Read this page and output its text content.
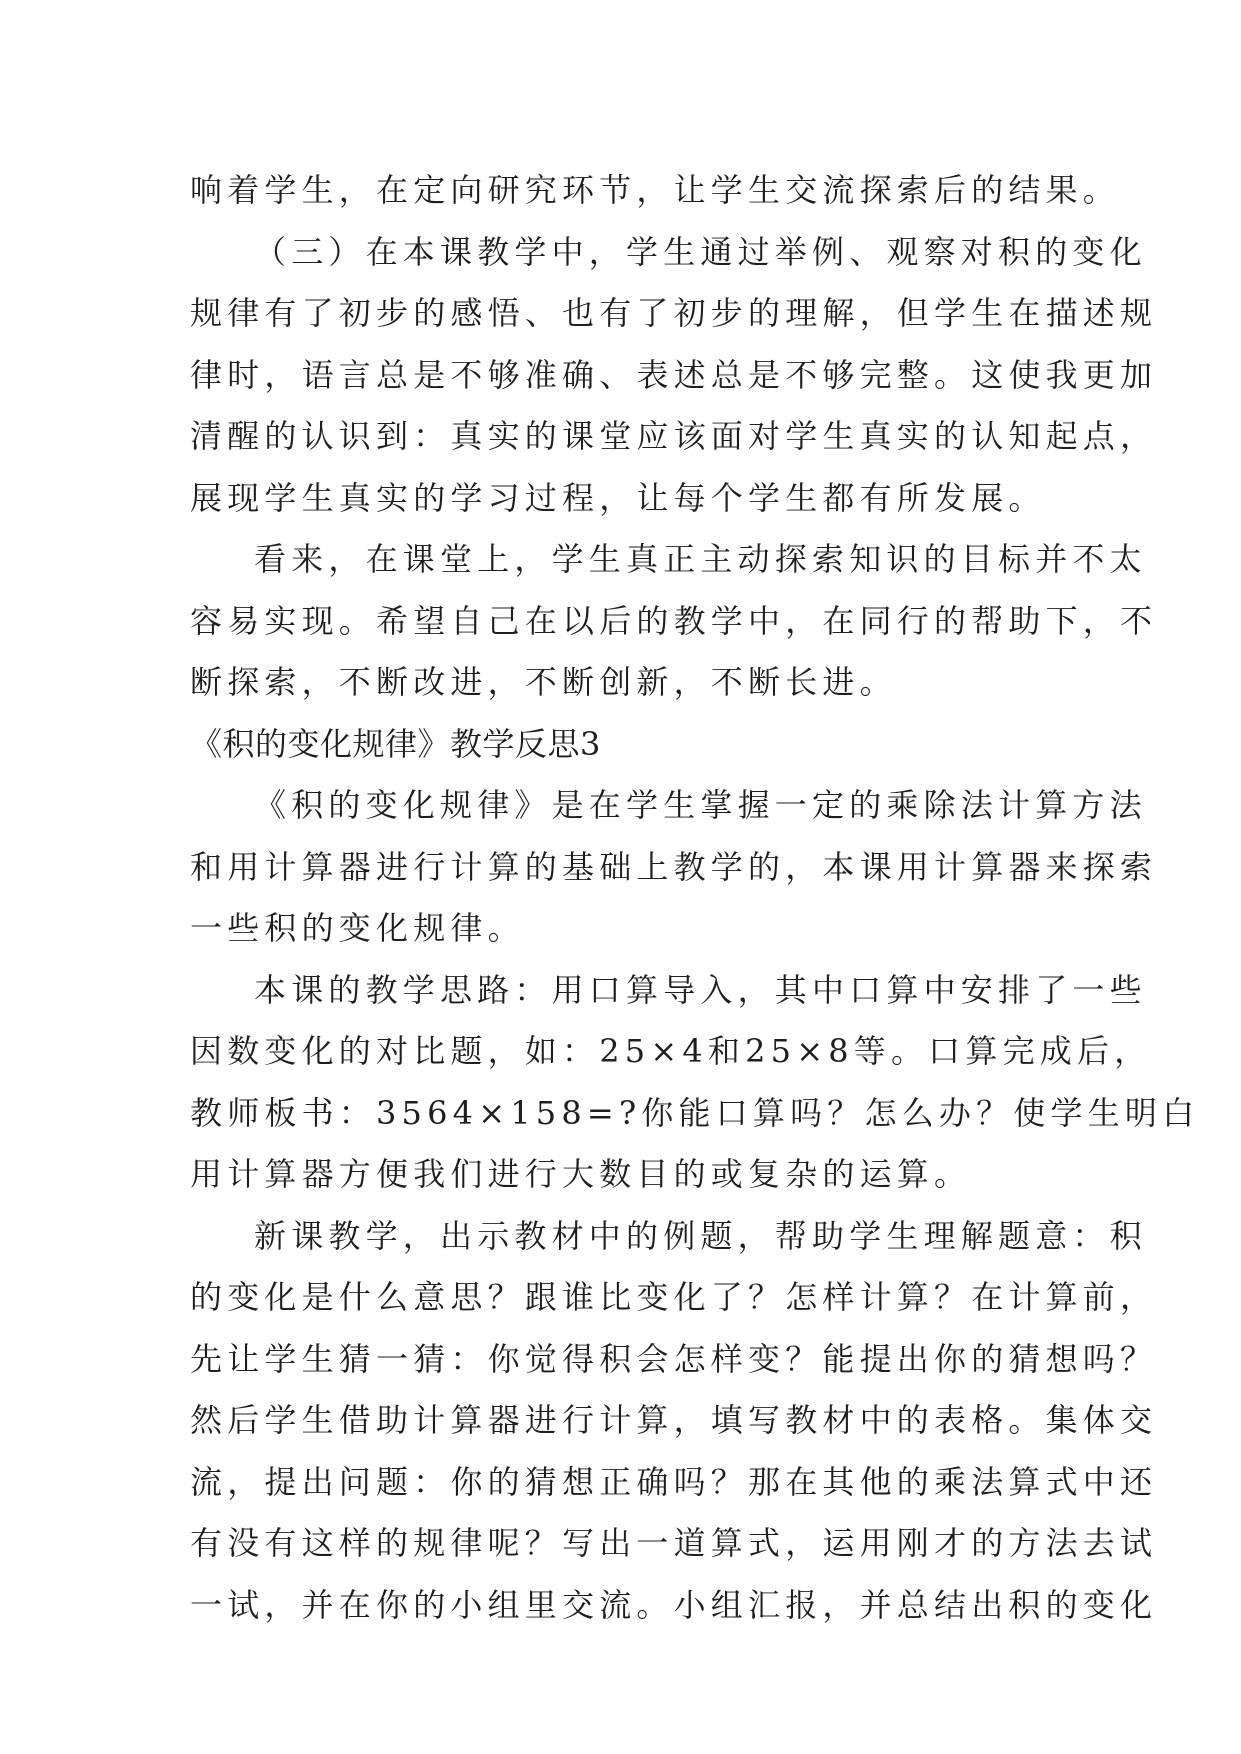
响着学生，在定向研究环节，让学生交流探索后的结果。
（三）在本课教学中，学生通过举例、观察对积的变化
规律有了初步的感悟、也有了初步的理解，但学生在描述规
律时，语言总是不够准确、表述总是不够完整。这使我更加
清醒的认识到：真实的课堂应该面对学生真实的认知起点，
展现学生真实的学习过程，让每个学生都有所发展。
看来，在课堂上，学生真正主动探索知识的目标并不太
容易实现。希望自己在以后的教学中，在同行的帮助下，不
断探索，不断改进，不断创新，不断长进。
《积的变化规律》教学反思3
《积的变化规律》是在学生掌握一定的乘除法计算方法
和用计算器进行计算的基础上教学的，本课用计算器来探索
一些积的变化规律。
本课的教学思路：用口算导入，其中口算中安排了一些
因数变化的对比题，如：25×4和25×8等。口算完成后，
教师板书：3564×158=?你能口算吗？怎么办？使学生明白
用计算器方便我们进行大数目的或复杂的运算。
新课教学，出示教材中的例题，帮助学生理解题意：积
的变化是什么意思？跟谁比变化了？怎样计算？在计算前，
先让学生猜一猜：你觉得积会怎样变？能提出你的猜想吗？
然后学生借助计算器进行计算，填写教材中的表格。集体交
流，提出问题：你的猜想正确吗？那在其他的乘法算式中还
有没有这样的规律呢？写出一道算式，运用刚才的方法去试
一试，并在你的小组里交流。小组汇报，并总结出积的变化
